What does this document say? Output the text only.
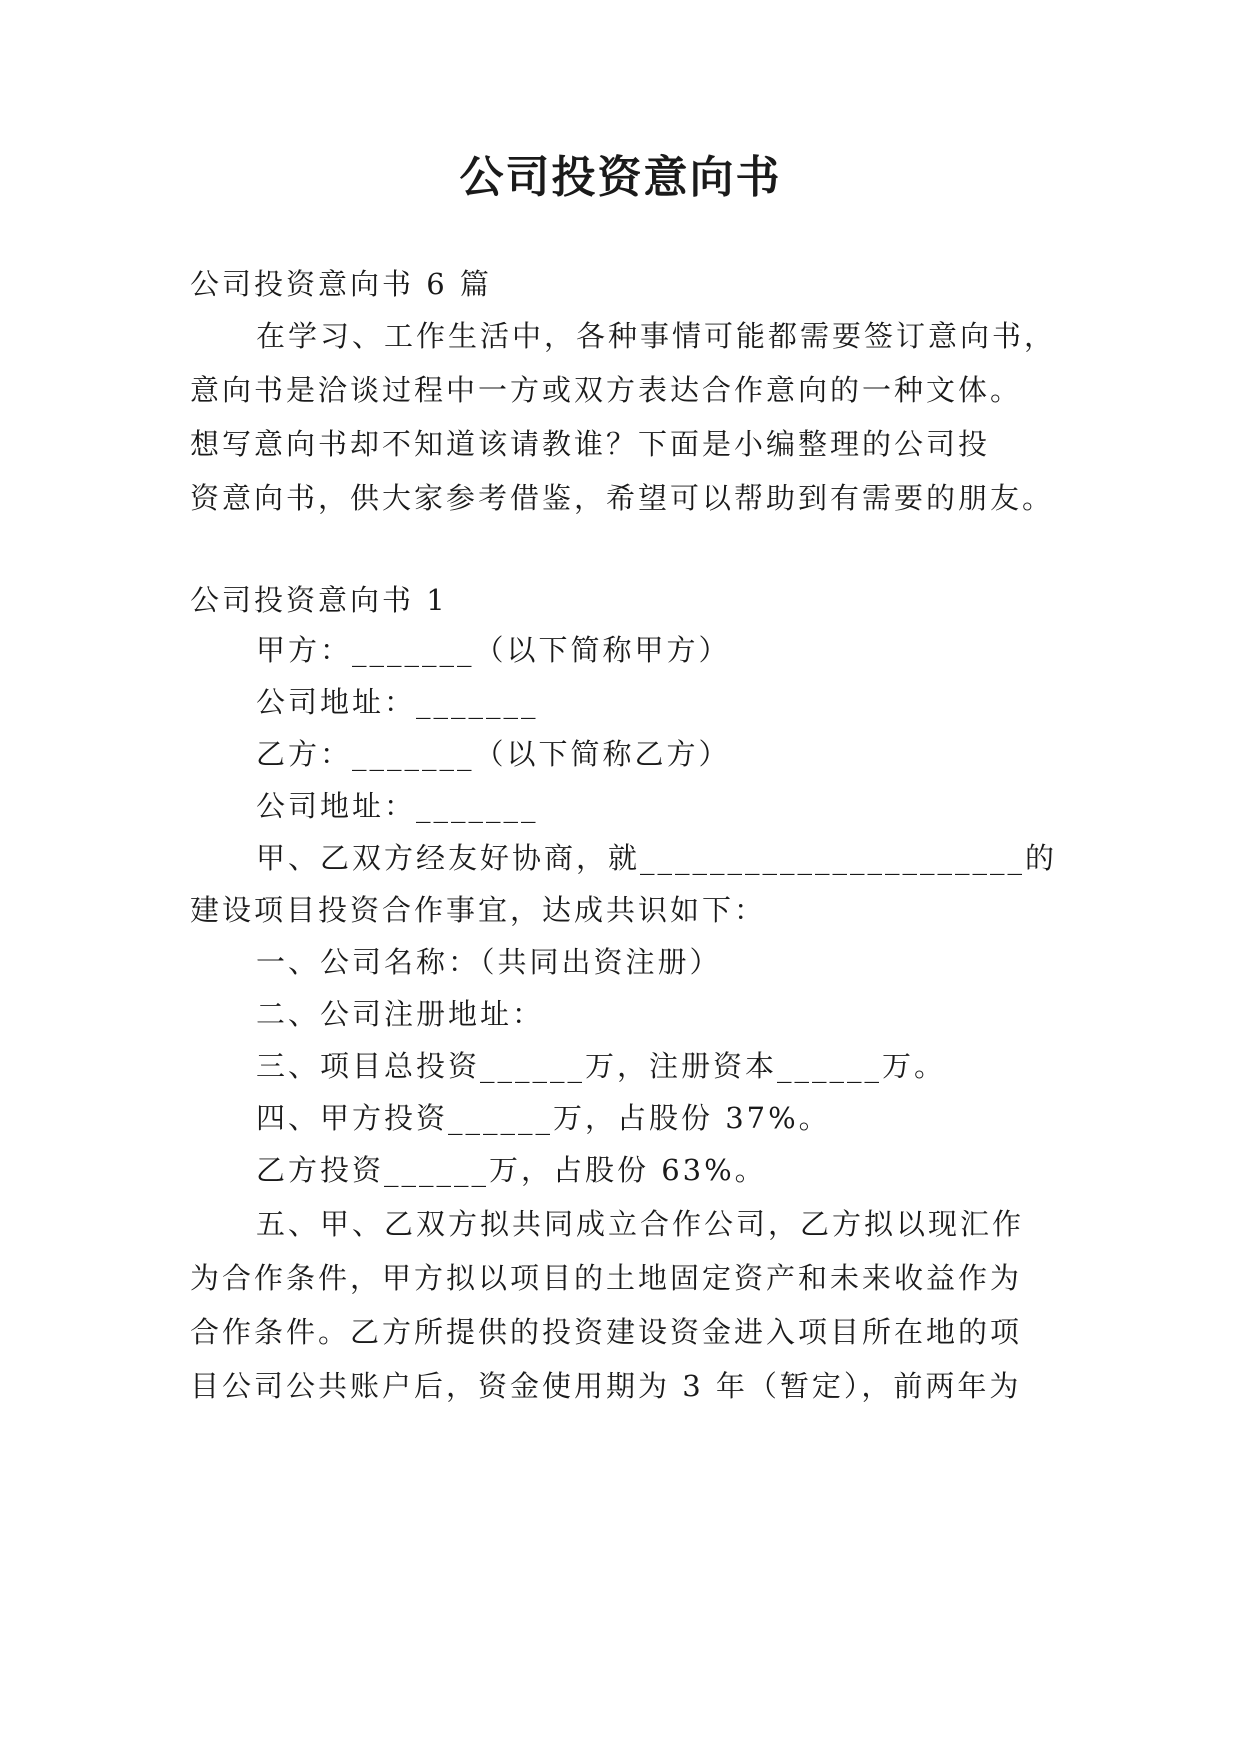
公司投资意向书
公司投资意向书 6 篇
在学习、工作生活中，各种事情可能都需要签订意向书，
意向书是洽谈过程中一方或双方表达合作意向的一种文体。
想写意向书却不知道该请教谁？下面是小编整理的公司投
资意向书，供大家参考借鉴，希望可以帮助到有需要的朋友。
公司投资意向书 1
甲方：_______（以下简称甲方）
公司地址：_______
乙方：_______（以下简称乙方）
公司地址：_______
甲、乙双方经友好协商，就______________________的
建设项目投资合作事宜，达成共识如下：
一、公司名称：（共同出资注册）
二、公司注册地址：
三、项目总投资______万，注册资本______万。
四、甲方投资______万，占股份 37%。
乙方投资______万，占股份 63%。
五、甲、乙双方拟共同成立合作公司，乙方拟以现汇作
为合作条件，甲方拟以项目的土地固定资产和未来收益作为
合作条件。乙方所提供的投资建设资金进入项目所在地的项
目公司公共账户后，资金使用期为 3 年（暂定），前两年为
